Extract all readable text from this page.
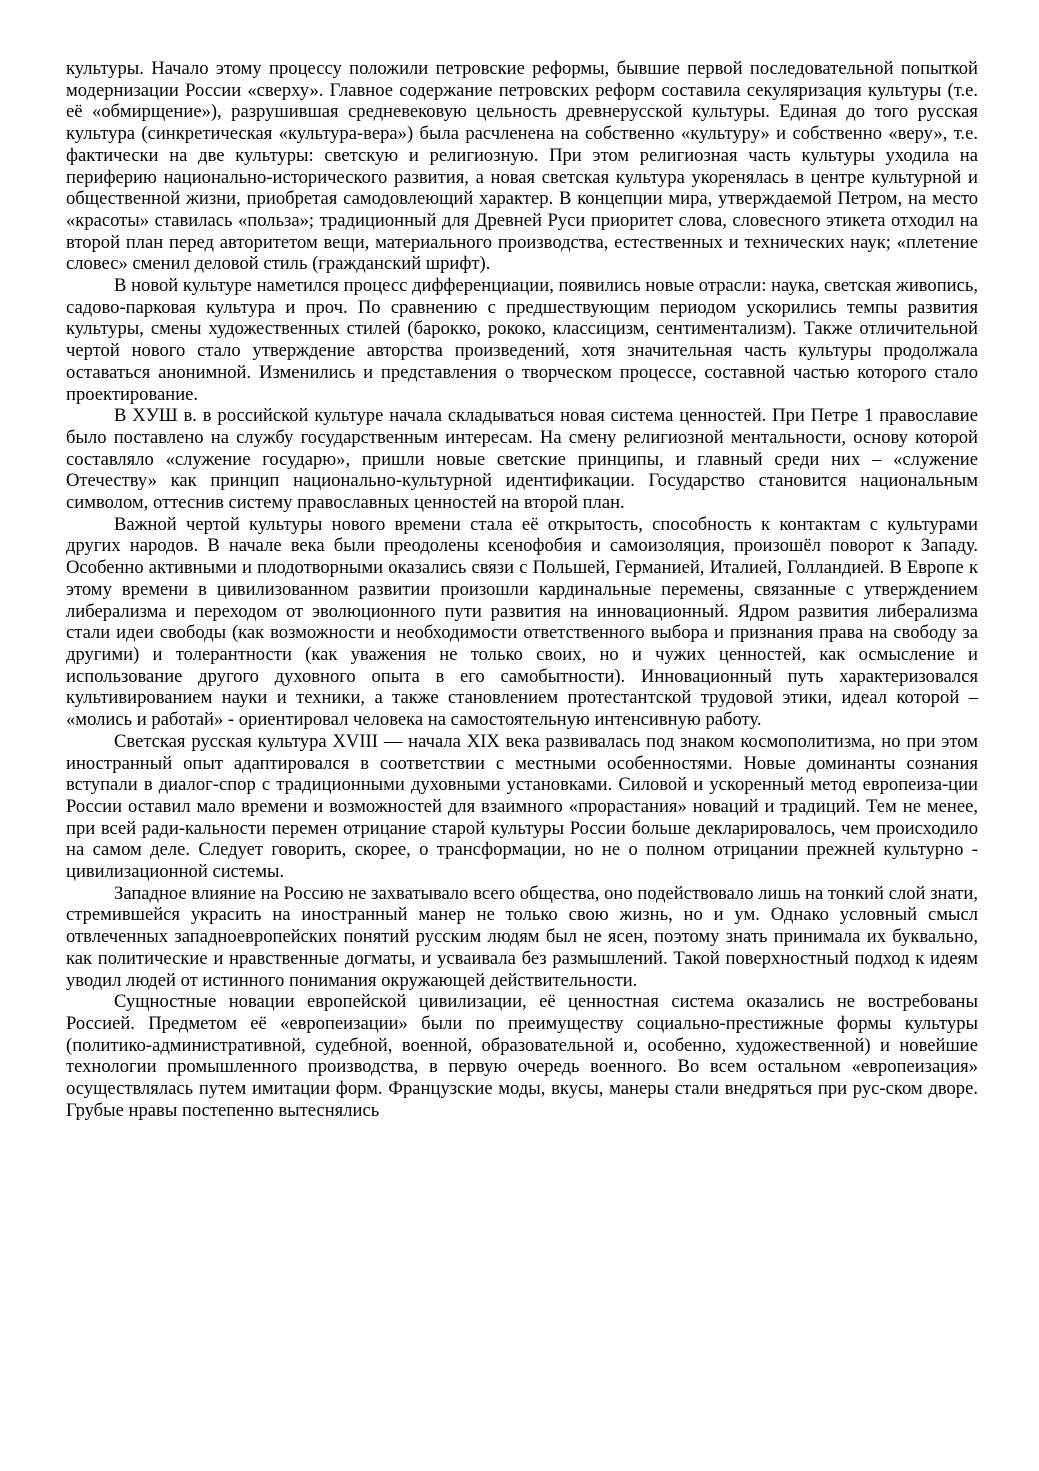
культуры. Начало этому процессу положили петровские реформы, бывшие первой последовательной попыткой модернизации России «сверху». Главное содержание петровских реформ составила секуляризация культуры (т.е. её «обмирщение»), разрушившая средневековую цельность древнерусской культуры. Единая до того русская культура (синкретическая «культура-вера») была расчленена на собственно «культуру» и собственно «веру», т.е. фактически на две культуры: светскую и религиозную. При этом религиозная часть культуры уходила на периферию национально-исторического развития, а новая светская культура укоренялась в центре культурной и общественной жизни, приобретая самодовлеющий характер. В концепции мира, утверждаемой Петром, на место «красоты» ставилась «польза»; традиционный для Древней Руси приоритет слова, словесного этикета отходил на второй план перед авторитетом вещи, материального производства, естественных и технических наук; «плетение словес» сменил деловой стиль (гражданский шрифт).

В новой культуре наметился процесс дифференциации, появились новые отрасли: наука, светская живопись, садово-парковая культура и проч. По сравнению с предшествующим периодом ускорились темпы развития культуры, смены художественных стилей (барокко, рококо, классицизм, сентиментализм). Также отличительной чертой нового стало утверждение авторства произведений, хотя значительная часть культуры продолжала оставаться анонимной. Изменились и представления о творческом процессе, составной частью которого стало проектирование.

В ХУШ в. в российской культуре начала складываться новая система ценностей. При Петре 1 православие было поставлено на службу государственным интересам. На смену религиозной ментальности, основу которой составляло «служение государю», пришли новые светские принципы, и главный среди них – «служение Отечеству» как принцип национально-культурной идентификации. Государство становится национальным символом, оттеснив систему православных ценностей на второй план.

Важной чертой культуры нового времени стала её открытость, способность к контактам с культурами других народов. В начале века были преодолены ксенофобия и самоизоляция, произошёл поворот к Западу. Особенно активными и плодотворными оказались связи с Польшей, Германией, Италией, Голландией. В Европе к этому времени в цивилизованном развитии произошли кардинальные перемены, связанные с утверждением либерализма и переходом от эволюционного пути развития на инновационный. Ядром развития либерализма стали идеи свободы (как возможности и необходимости ответственного выбора и признания права на свободу за другими) и толерантности (как уважения не только своих, но и чужих ценностей, как осмысление и использование другого духовного опыта в его самобытности). Инновационный путь характеризовался культивированием науки и техники, а также становлением протестантской трудовой этики, идеал которой – «молись и работай» - ориентировал человека на самостоятельную интенсивную работу.

Светская русская культура XVIII — начала XIX века развивалась под знаком космополитизма, но при этом иностранный опыт адаптировался в соответствии с местными особенностями. Новые доминанты сознания вступали в диалог-спор с традиционными духовными установками. Силовой и ускоренный метод европеиза-ции России оставил мало времени и возможностей для взаимного «прорастания» новаций и традиций. Тем не менее, при всей ради-кальности перемен отрицание старой культуры России больше декларировалось, чем происходило на самом деле. Следует говорить, скорее, о трансформации, но не о полном отрицании прежней культурно - цивилизационной системы.

Западное влияние на Россию не захватывало всего общества, оно подействовало лишь на тонкий слой знати, стремившейся украсить на иностранный манер не только свою жизнь, но и ум. Однако условный смысл отвлеченных западноевропейских понятий русским людям был не ясен, поэтому знать принимала их буквально, как политические и нравственные догматы, и усваивала без размышлений. Такой поверхностный подход к идеям уводил людей от истинного понимания окружающей действительности.

Сущностные новации европейской цивилизации, её ценностная система оказались не востребованы Россией. Предметом её «европеизации» были по преимуществу социально-престижные формы культуры (политико-административной, судебной, военной, образовательной и, особенно, художественной) и новейшие технологии промышленного производства, в первую очередь военного. Во всем остальном «европеизация» осуществлялась путем имитации форм. Французские моды, вкусы, манеры стали внедряться при рус-ском дворе. Грубые нравы постепенно вытеснялись
